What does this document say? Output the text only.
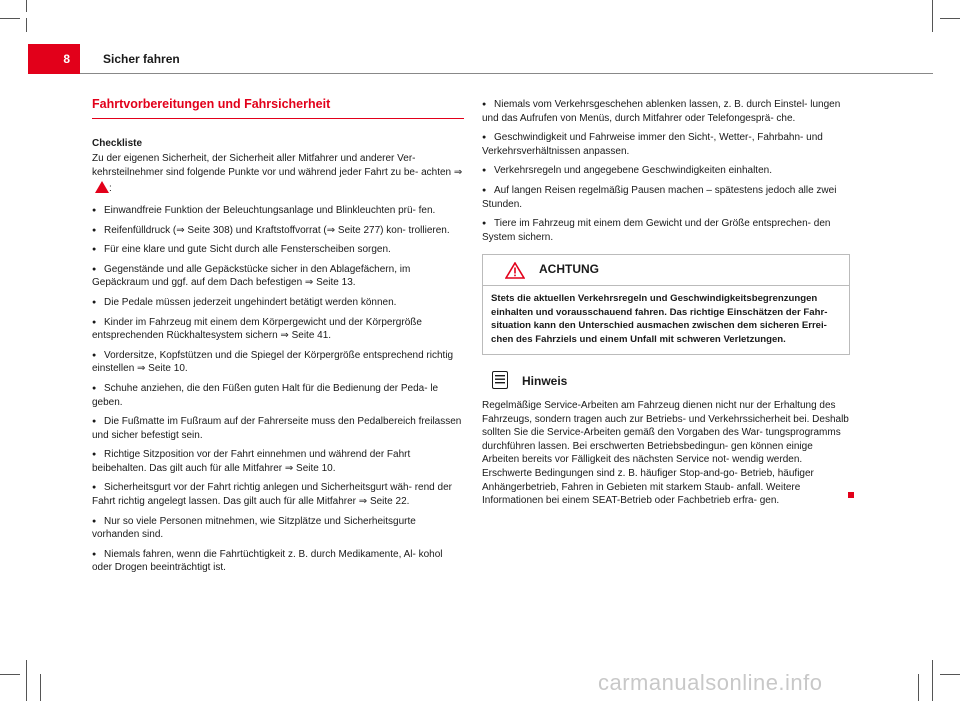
8	Sicher fahren
Fahrtvorbereitungen und Fahrsicherheit
Checkliste

Zu der eigenen Sicherheit, der Sicherheit aller Mitfahrer und anderer Ver- kehrsteilnehmer sind folgende Punkte vor und während jeder Fahrt zu be- achten ⇒:

● Einwandfreie Funktion der Beleuchtungsanlage und Blinkleuchten prü- fen.
● Reifenfülldruck (⇒ Seite 308) und Kraftstoffvorrat (⇒ Seite 277) kon- trollieren.
● Für eine klare und gute Sicht durch alle Fensterscheiben sorgen.
● Gegenstände und alle Gepäckstücke sicher in den Ablagefächern, im Gepäckraum und ggf. auf dem Dach befestigen ⇒ Seite 13.
● Die Pedale müssen jederzeit ungehindert betätigt werden können.
● Kinder im Fahrzeug mit einem dem Körpergewicht und der Körpergröße entsprechenden Rückhaltesystem sichern ⇒ Seite 41.
● Vordersitze, Kopfstützen und die Spiegel der Körpergröße entsprechend richtig einstellen ⇒ Seite 10.
● Schuhe anziehen, die den Füßen guten Halt für die Bedienung der Peda- le geben.
● Die Fußmatte im Fußraum auf der Fahrerseite muss den Pedalbereich freilassen und sicher befestigt sein.
● Richtige Sitzposition vor der Fahrt einnehmen und während der Fahrt beibehalten. Das gilt auch für alle Mitfahrer ⇒ Seite 10.
● Sicherheitsgurt vor der Fahrt richtig anlegen und Sicherheitsgurt wäh- rend der Fahrt richtig angelegt lassen. Das gilt auch für alle Mitfahrer ⇒ Seite 22.
● Nur so viele Personen mitnehmen, wie Sitzplätze und Sicherheitsgurte vorhanden sind.
● Niemals fahren, wenn die Fahrtüchtigkeit z. B. durch Medikamente, Al- kohol oder Drogen beeinträchtigt ist.
● Niemals vom Verkehrsgeschehen ablenken lassen, z. B. durch Einstel- lungen und das Aufrufen von Menüs, durch Mitfahrer oder Telefongesprä- che.
● Geschwindigkeit und Fahrweise immer den Sicht-, Wetter-, Fahrbahn- und Verkehrsverhältnissen anpassen.
● Verkehrsregeln und angegebene Geschwindigkeiten einhalten.
● Auf langen Reisen regelmäßig Pausen machen – spätestens jedoch alle zwei Stunden.
● Tiere im Fahrzeug mit einem dem Gewicht und der Größe entsprechen- den System sichern.
ACHTUNG
Stets die aktuellen Verkehrsregeln und Geschwindigkeitsbegrenzungen einhalten und vorausschauend fahren. Das richtige Einschätzen der Fahr- situation kann den Unterschied ausmachen zwischen dem sicheren Errei- chen des Fahrziels und einem Unfall mit schweren Verletzungen.
Hinweis

Regelmäßige Service-Arbeiten am Fahrzeug dienen nicht nur der Erhaltung des Fahrzeugs, sondern tragen auch zur Betriebs- und Verkehrssicherheit bei. Deshalb sollten Sie die Service-Arbeiten gemäß den Vorgaben des War- tungsprogramms durchführen lassen. Bei erschwerten Betriebsbedingun- gen können einige Arbeiten bereits vor Fälligkeit des nächsten Service not- wendig werden. Erschwerte Bedingungen sind z. B. häufiger Stop-and-go- Betrieb, häufiger Anhängerbetrieb, Fahren in Gebieten mit starkem Staub- anfall. Weitere Informationen bei einem SEAT-Betrieb oder Fachbetrieb erfra- gen.

carmanualsonline.info
